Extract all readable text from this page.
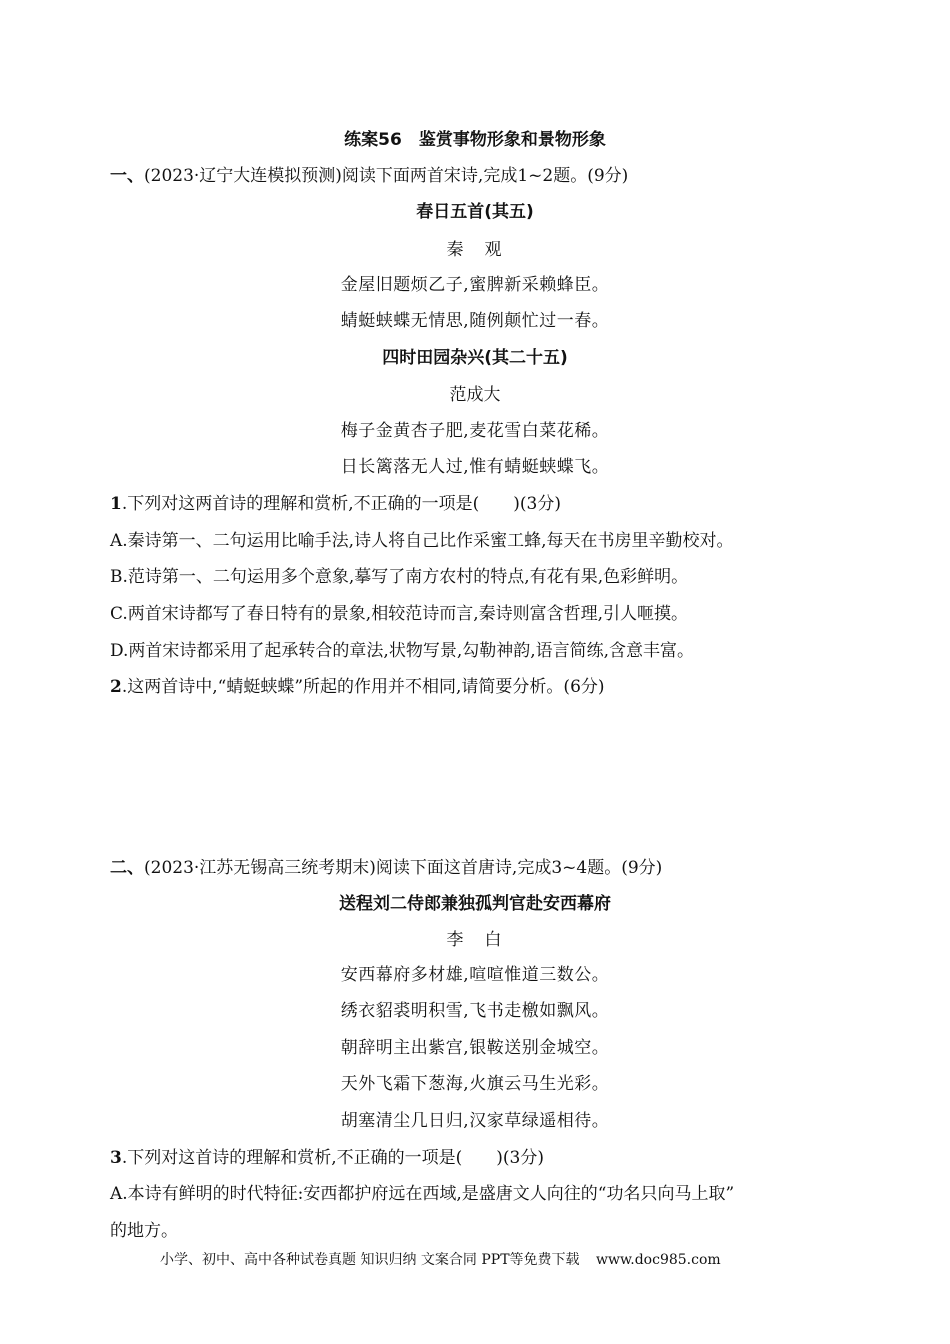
练案56　鉴赏事物形象和景物形象
一、(2023·辽宁大连模拟预测)阅读下面两首宋诗,完成1~2题。(9分)
春日五首(其五)
秦　观
金屋旧题烦乙子,蜜脾新采赖蜂臣。
蜻蜓蛱蝶无情思,随例颠忙过一春。
四时田园杂兴(其二十五)
范成大
梅子金黄杏子肥,麦花雪白菜花稀。
日长篱落无人过,惟有蜻蜓蛱蝶飞。
1.下列对这两首诗的理解和赏析,不正确的一项是(　　)(3分)
A.秦诗第一、二句运用比喻手法,诗人将自己比作采蜜工蜂,每天在书房里辛勤校对。
B.范诗第一、二句运用多个意象,摹写了南方农村的特点,有花有果,色彩鲜明。
C.两首宋诗都写了春日特有的景象,相较范诗而言,秦诗则富含哲理,引人咂摸。
D.两首宋诗都采用了起承转合的章法,状物写景,勾勒神韵,语言简练,含意丰富。
2.这两首诗中,“蜻蜓蛱蝶”所起的作用并不相同,请简要分析。(6分)
二、(2023·江苏无锡高三统考期末)阅读下面这首唐诗,完成3~4题。(9分)
送程刘二侍郎兼独孤判官赴安西幕府
李　白
安西幕府多材雄,喧喧惟道三数公。
绣衣貂裘明积雪,飞书走檄如飘风。
朝辞明主出紫宫,银鞍送别金城空。
天外飞霜下葱海,火旗云马生光彩。
胡塞清尘几日归,汉家草绿遥相待。
3.下列对这首诗的理解和赏析,不正确的一项是(　　)(3分)
A.本诗有鲜明的时代特征:安西都护府远在西域,是盛唐文人向往的“功名只向马上取”
的地方。
小学、初中、高中各种试卷真题 知识归纳 文案合同 PPT等免费下载 www.doc985.com
